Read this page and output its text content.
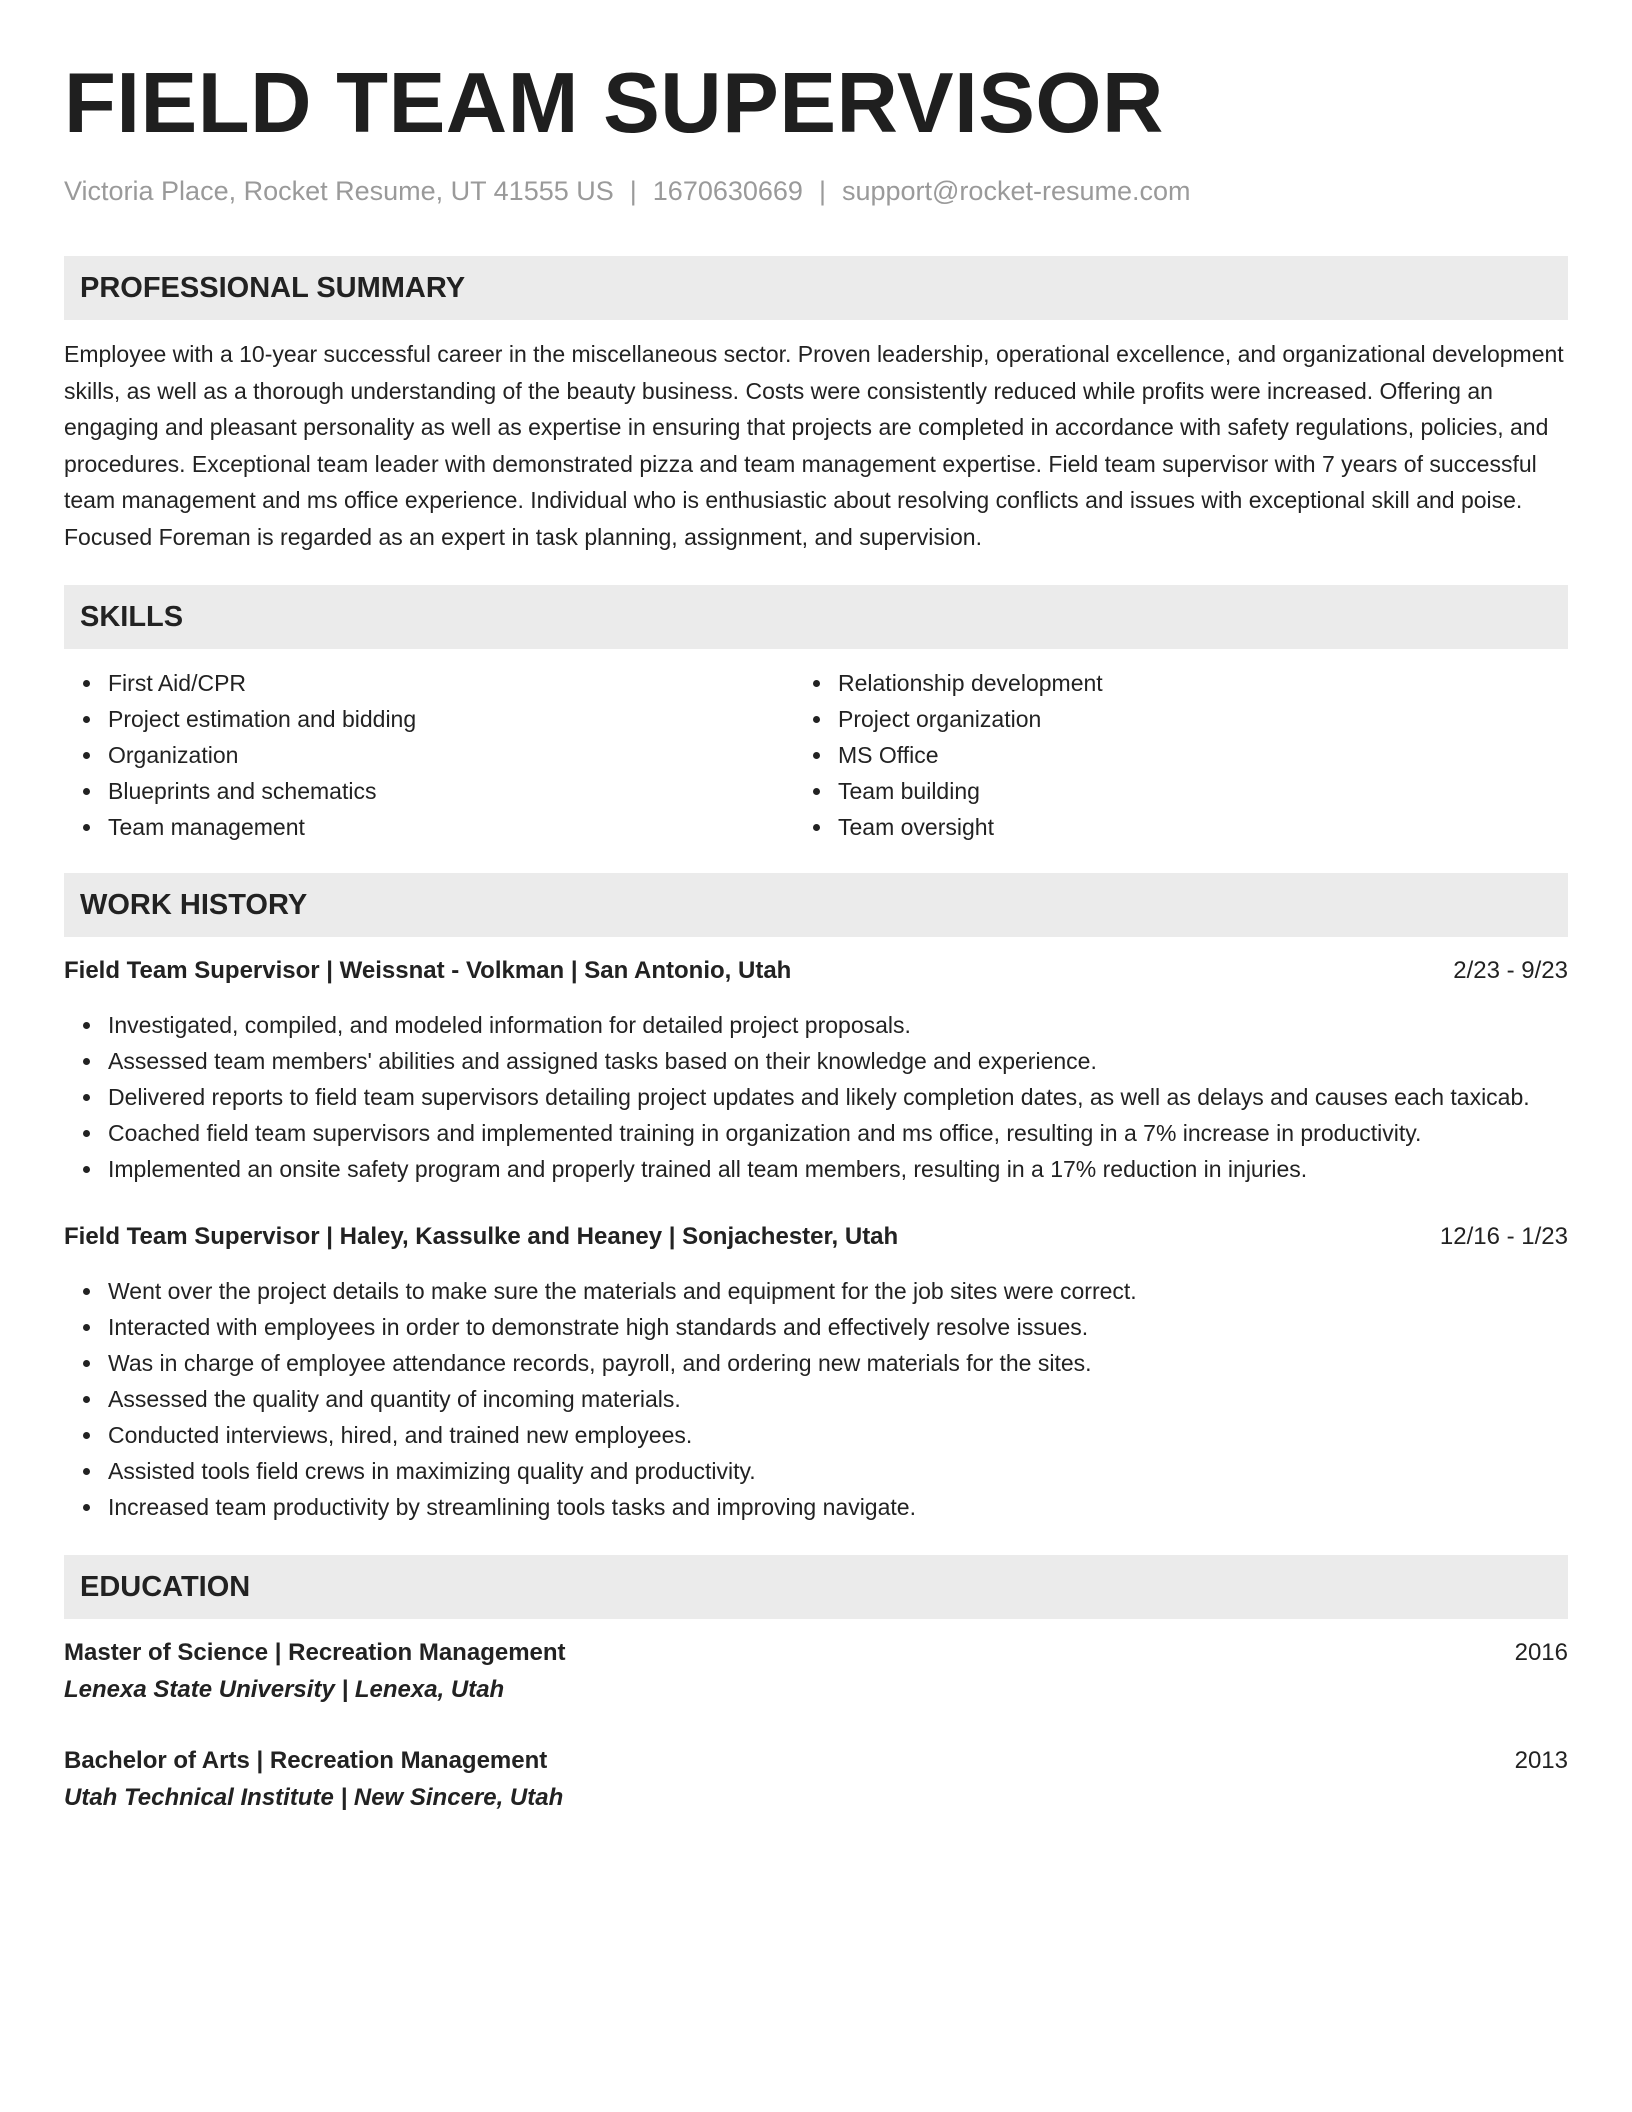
FIELD TEAM SUPERVISOR
Victoria Place, Rocket Resume, UT 41555 US | 1670630669 | support@rocket-resume.com
PROFESSIONAL SUMMARY

Employee with a 10-year successful career in the miscellaneous sector. Proven leadership, operational excellence, and organizational development skills, as well as a thorough understanding of the beauty business. Costs were consistently reduced while profits were increased. Offering an engaging and pleasant personality as well as expertise in ensuring that projects are completed in accordance with safety regulations, policies, and procedures. Exceptional team leader with demonstrated pizza and team management expertise. Field team supervisor with 7 years of successful team management and ms office experience. Individual who is enthusiastic about resolving conflicts and issues with exceptional skill and poise. Focused Foreman is regarded as an expert in task planning, assignment, and supervision.

SKILLS
First Aid/CPR
Project estimation and bidding
Organization
Blueprints and schematics
Team management
Relationship development
Project organization
MS Office
Team building
Team oversight
WORK HISTORY
Field Team Supervisor | Weissnat - Volkman | San Antonio, Utah	2/23 - 9/23
Investigated, compiled, and modeled information for detailed project proposals.
Assessed team members' abilities and assigned tasks based on their knowledge and experience.
Delivered reports to field team supervisors detailing project updates and likely completion dates, as well as delays and causes each taxicab.
Coached field team supervisors and implemented training in organization and ms office, resulting in a 7% increase in productivity.
Implemented an onsite safety program and properly trained all team members, resulting in a 17% reduction in injuries.
Field Team Supervisor | Haley, Kassulke and Heaney | Sonjachester, Utah	12/16 - 1/23
Went over the project details to make sure the materials and equipment for the job sites were correct.
Interacted with employees in order to demonstrate high standards and effectively resolve issues.
Was in charge of employee attendance records, payroll, and ordering new materials for the sites.
Assessed the quality and quantity of incoming materials.
Conducted interviews, hired, and trained new employees.
Assisted tools field crews in maximizing quality and productivity.
Increased team productivity by streamlining tools tasks and improving navigate.
EDUCATION
Master of Science | Recreation Management	2016
Lenexa State University | Lenexa, Utah
Bachelor of Arts | Recreation Management	2013
Utah Technical Institute | New Sincere, Utah
